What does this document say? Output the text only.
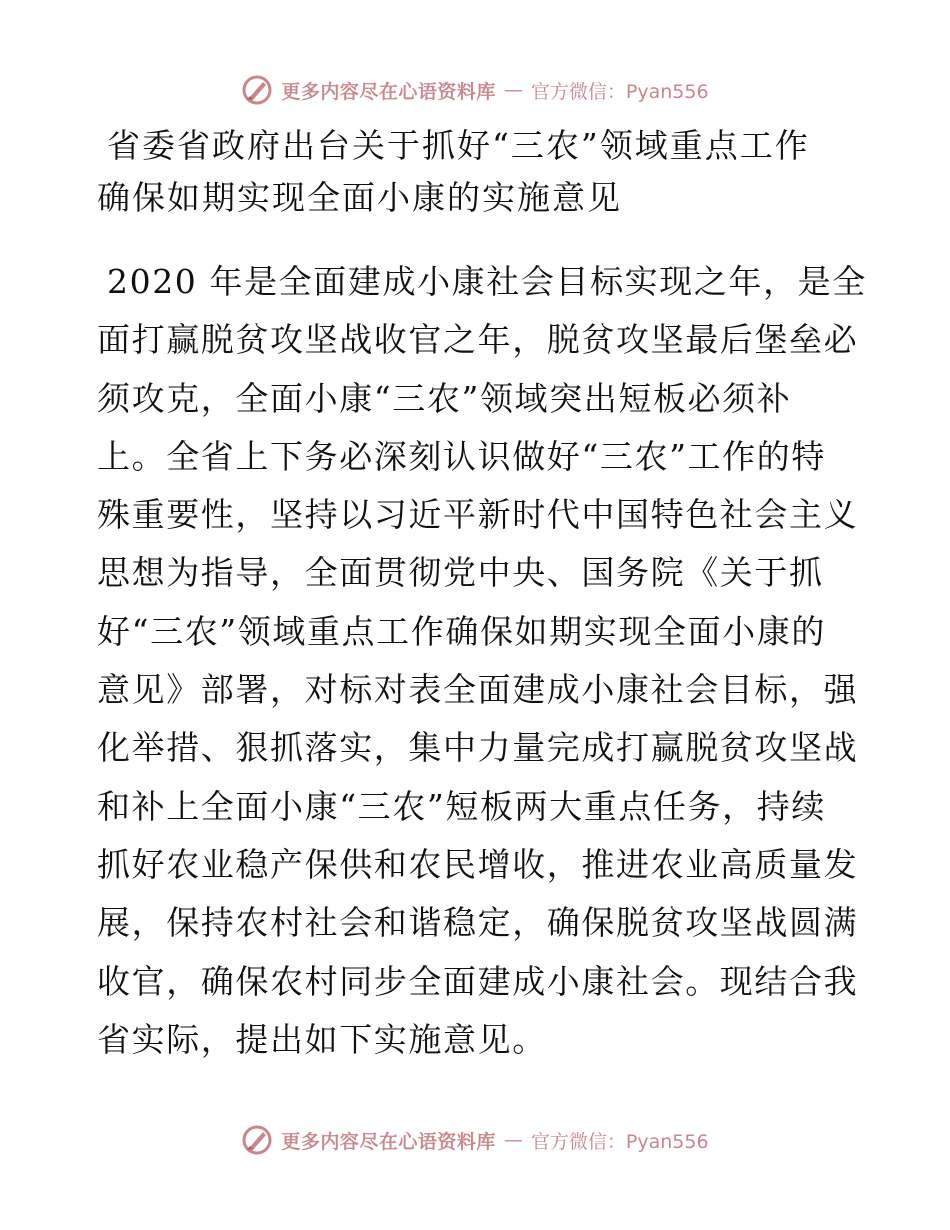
更多内容尽在心语资料库 — 官方微信：Pyan556
省委省政府出台关于抓好“三农”领域重点工作
确保如期实现全面小康的实施意见

2020 年是全面建成小康社会目标实现之年，是全
面打赢脱贫攻坚战收官之年，脱贫攻坚最后堡垒必
须攻克，全面小康“三农”领域突出短板必须补
上。全省上下务必深刻认识做好“三农”工作的特
殊重要性，坚持以习近平新时代中国特色社会主义
思想为指导，全面贯彻党中央、国务院《关于抓
好“三农”领域重点工作确保如期实现全面小康的
意见》部署，对标对表全面建成小康社会目标，强
化举措、狠抓落实，集中力量完成打赢脱贫攻坚战
和补上全面小康“三农”短板两大重点任务，持续
抓好农业稳产保供和农民增收，推进农业高质量发
展，保持农村社会和谐稳定，确保脱贫攻坚战圆满
收官，确保农村同步全面建成小康社会。现结合我
省实际，提出如下实施意见。

更多内容尽在心语资料库 — 官方微信：Pyan556
